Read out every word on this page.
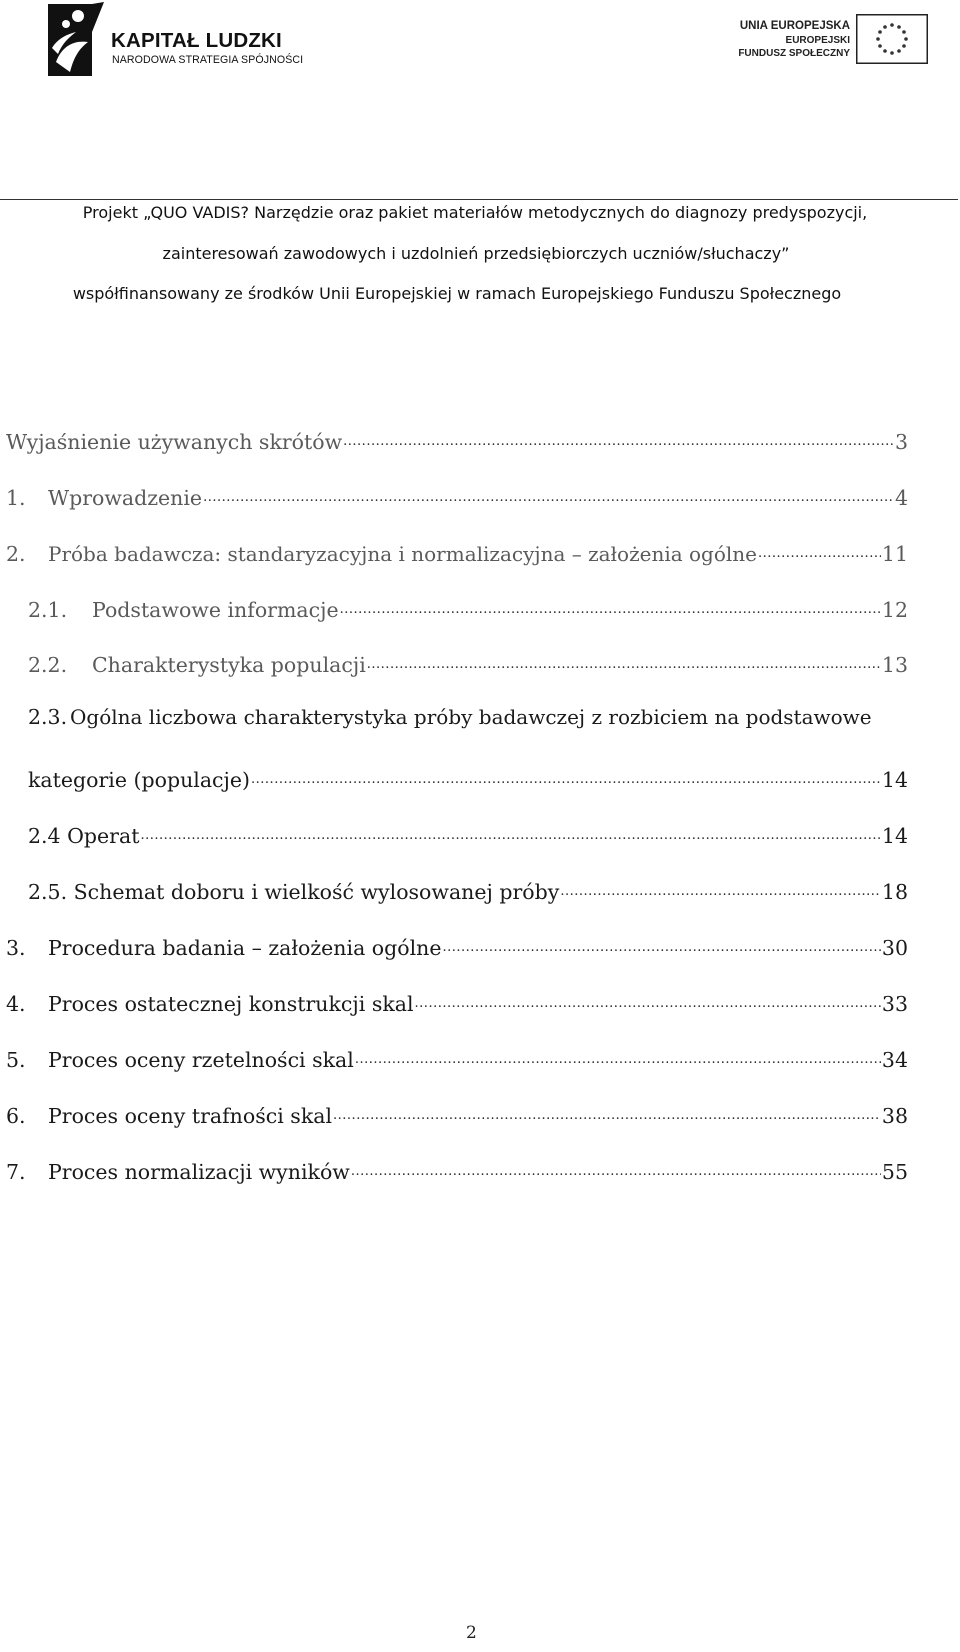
KAPITAŁ LUDZKI
NARODOWA STRATEGIA SPÓJNOŚCI
UNIA EUROPEJSKA
EUROPEJSKI
FUNDUSZ SPOŁECZNY
Projekt „QUO VADIS? Narzędzie oraz pakiet materiałów metodycznych do diagnozy predyspozycji,
zainteresowań zawodowych i uzdolnień przedsiębiorczych uczniów/słuchaczy”
współfinansowany ze środków Unii Europejskiej w ramach Europejskiego Funduszu Społecznego
Wyjaśnienie używanych skrótów .....	3
1.	Wprowadzenie .....	4
2.	Próba badawcza: standaryzacyjna i normalizacyjna – założenia ogólne .....	11
2.1.	Podstawowe informacje .....	12
2.2.	Charakterystyka populacji .....	13
2.3. Ogólna liczbowa charakterystyka próby badawczej z rozbiciem na podstawowe
kategorie (populacje) .....	14
2.4 Operat .....	14
2.5. Schemat doboru i wielkość wylosowanej próby .....	18
3.	Procedura badania – założenia ogólne .....	30
4.	Proces ostatecznej konstrukcji skal .....	33
5.	Proces oceny rzetelności skal .....	34
6.	Proces oceny trafności skal .....	38
7.	Proces normalizacji wyników .....	55
2
